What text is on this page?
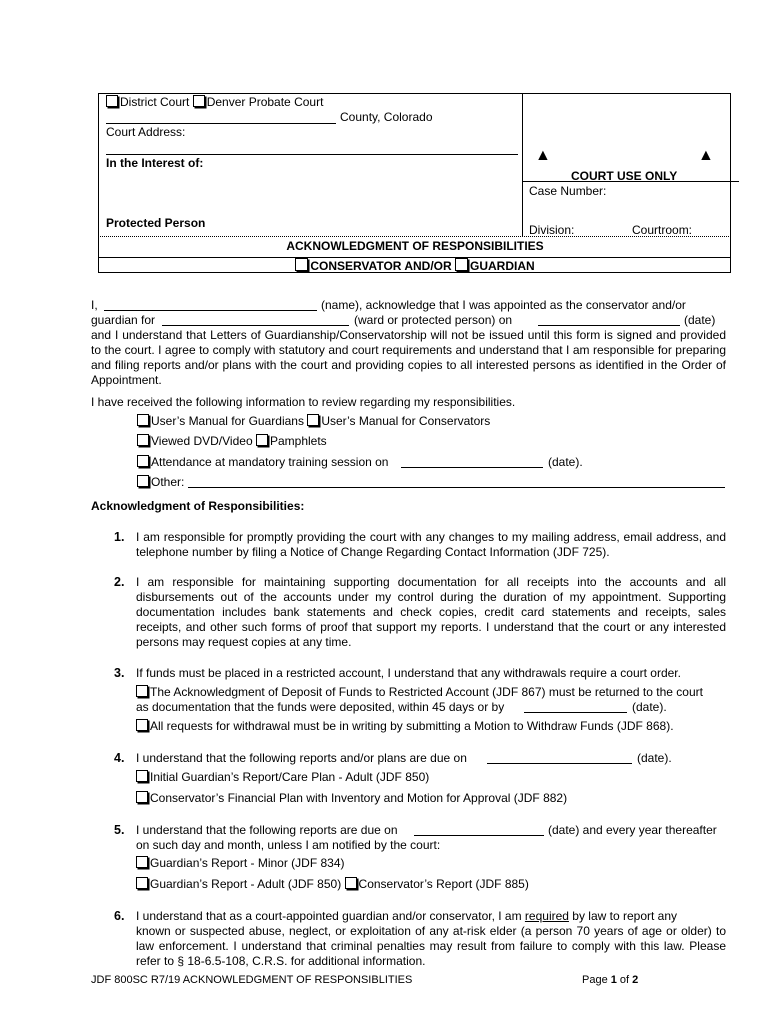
District Court Denver Probate Court
County, Colorado
Court Address:
In the Interest of:
Protected Person
▲	▲
COURT USE ONLY
Case Number:
Division:	Courtroom:
ACKNOWLEDGMENT OF RESPONSIBILITIES
CONSERVATOR AND/OR GUARDIAN
I,	(name), acknowledge that I was appointed as the conservator and/or
guardian for	(ward or protected person) on	(date)
and I understand that Letters of Guardianship/Conservatorship will not be issued until this form is signed and provided to the court. I agree to comply with statutory and court requirements and understand that I am responsible for preparing and filing reports and/or plans with the court and providing copies to all interested persons as identified in the Order of Appointment.
I have received the following information to review regarding my responsibilities.
User’s Manual for Guardians User’s Manual for Conservators
Viewed DVD/Video Pamphlets
Attendance at mandatory training session on	(date).
Other:
Acknowledgment of Responsibilities:
1. I am responsible for promptly providing the court with any changes to my mailing address, email address, and telephone number by filing a Notice of Change Regarding Contact Information (JDF 725).
2. I am responsible for maintaining supporting documentation for all receipts into the accounts and all disbursements out of the accounts under my control during the duration of my appointment. Supporting documentation includes bank statements and check copies, credit card statements and receipts, sales receipts, and other such forms of proof that support my reports. I understand that the court or any interested persons may request copies at any time.
3. If funds must be placed in a restricted account, I understand that any withdrawals require a court order.
The Acknowledgment of Deposit of Funds to Restricted Account (JDF 867) must be returned to the court
as documentation that the funds were deposited, within 45 days or by	(date).
All requests for withdrawal must be in writing by submitting a Motion to Withdraw Funds (JDF 868).
4. I understand that the following reports and/or plans are due on	(date).
Initial Guardian’s Report/Care Plan - Adult (JDF 850)
Conservator’s Financial Plan with Inventory and Motion for Approval (JDF 882)
5. I understand that the following reports are due on	(date) and every year thereafter
on such day and month, unless I am notified by the court:
Guardian’s Report - Minor (JDF 834)
Guardian’s Report - Adult (JDF 850) Conservator’s Report (JDF 885)
6. I understand that as a court-appointed guardian and/or conservator, I am required by law to report any
known or suspected abuse, neglect, or exploitation of any at-risk elder (a person 70 years of age or older) to law enforcement. I understand that criminal penalties may result from failure to comply with this law. Please refer to § 18-6.5-108, C.R.S. for additional information.
JDF 800SC R7/19 ACKNOWLEDGMENT OF RESPONSIBLITIES	Page 1 of 2
